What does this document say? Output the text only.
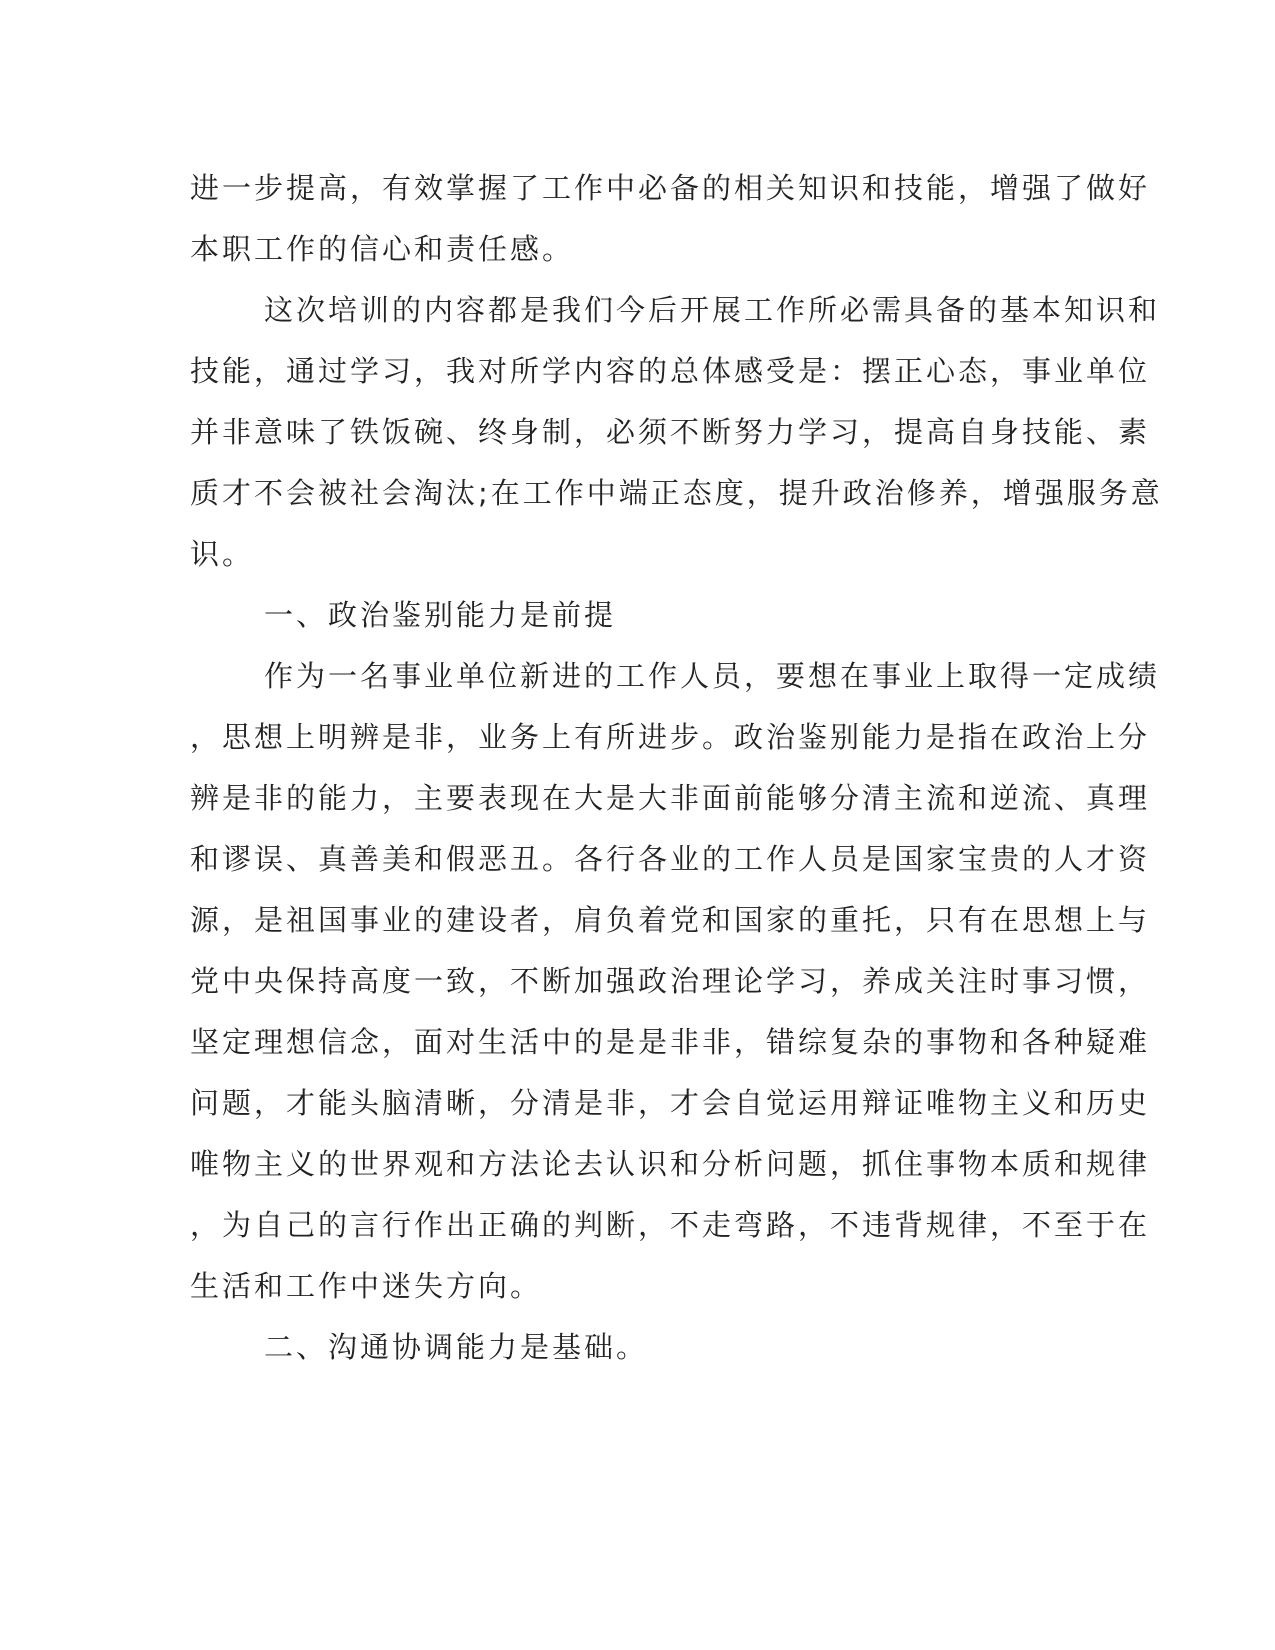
进一步提高，有效掌握了工作中必备的相关知识和技能，增强了做好
本职工作的信心和责任感。
这次培训的内容都是我们今后开展工作所必需具备的基本知识和
技能，通过学习，我对所学内容的总体感受是：摆正心态，事业单位
并非意味了铁饭碗、终身制，必须不断努力学习，提高自身技能、素
质才不会被社会淘汰;在工作中端正态度，提升政治修养，增强服务意
识。
一、政治鉴别能力是前提
作为一名事业单位新进的工作人员，要想在事业上取得一定成绩
，思想上明辨是非，业务上有所进步。政治鉴别能力是指在政治上分
辨是非的能力，主要表现在大是大非面前能够分清主流和逆流、真理
和谬误、真善美和假恶丑。各行各业的工作人员是国家宝贵的人才资
源，是祖国事业的建设者，肩负着党和国家的重托，只有在思想上与
党中央保持高度一致，不断加强政治理论学习，养成关注时事习惯，
坚定理想信念，面对生活中的是是非非，错综复杂的事物和各种疑难
问题，才能头脑清晰，分清是非，才会自觉运用辩证唯物主义和历史
唯物主义的世界观和方法论去认识和分析问题，抓住事物本质和规律
，为自己的言行作出正确的判断，不走弯路，不违背规律，不至于在
生活和工作中迷失方向。
二、沟通协调能力是基础。
